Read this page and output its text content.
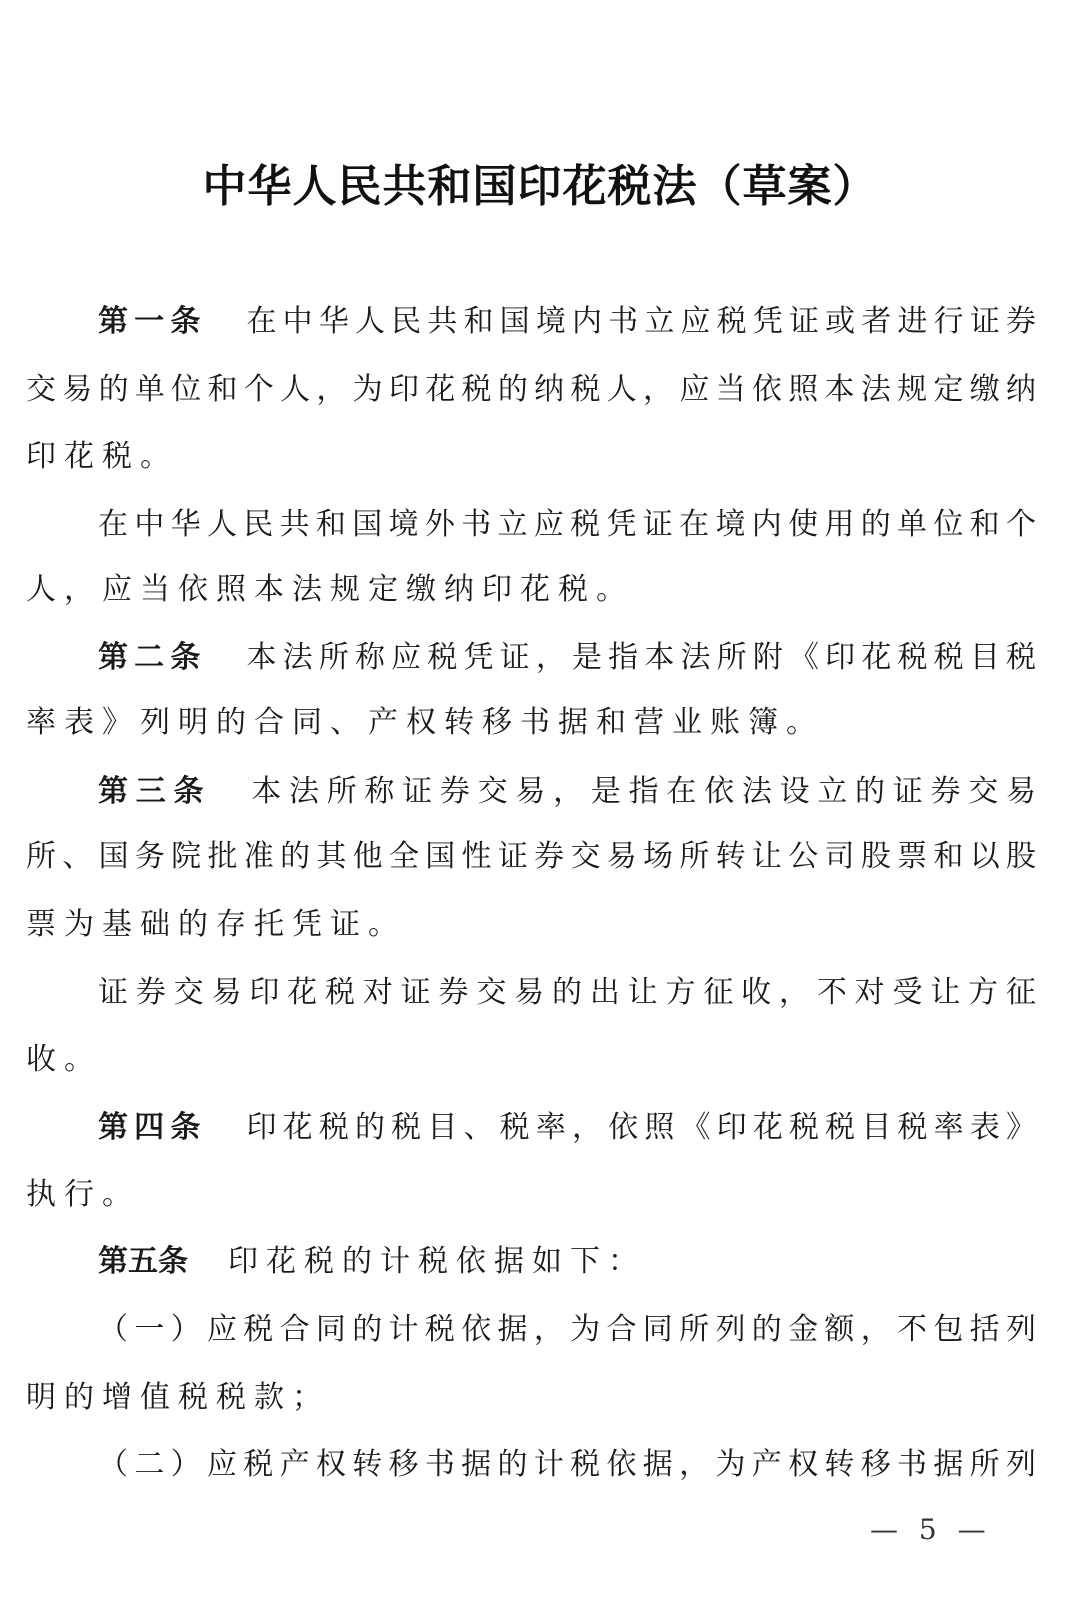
中华人民共和国印花税法（草案）
第一条 在中华人民共和国境内书立应税凭证或者进行证券
交易的单位和个人，为印花税的纳税人，应当依照本法规定缴纳
印花税。
在中华人民共和国境外书立应税凭证在境内使用的单位和个
人，应当依照本法规定缴纳印花税。
第二条 本法所称应税凭证，是指本法所附《印花税税目税
率表》列明的合同、产权转移书据和营业账簿。
第三条 本法所称证券交易，是指在依法设立的证券交易
所、国务院批准的其他全国性证券交易场所转让公司股票和以股
票为基础的存托凭证。
证券交易印花税对证券交易的出让方征收，不对受让方征
收。
第四条 印花税的税目、税率，依照《印花税税目税率表》
执行。
第五条 印花税的计税依据如下：
（一）应税合同的计税依据，为合同所列的金额，不包括列
明的增值税税款；
（二）应税产权转移书据的计税依据，为产权转移书据所列
— 5 —
